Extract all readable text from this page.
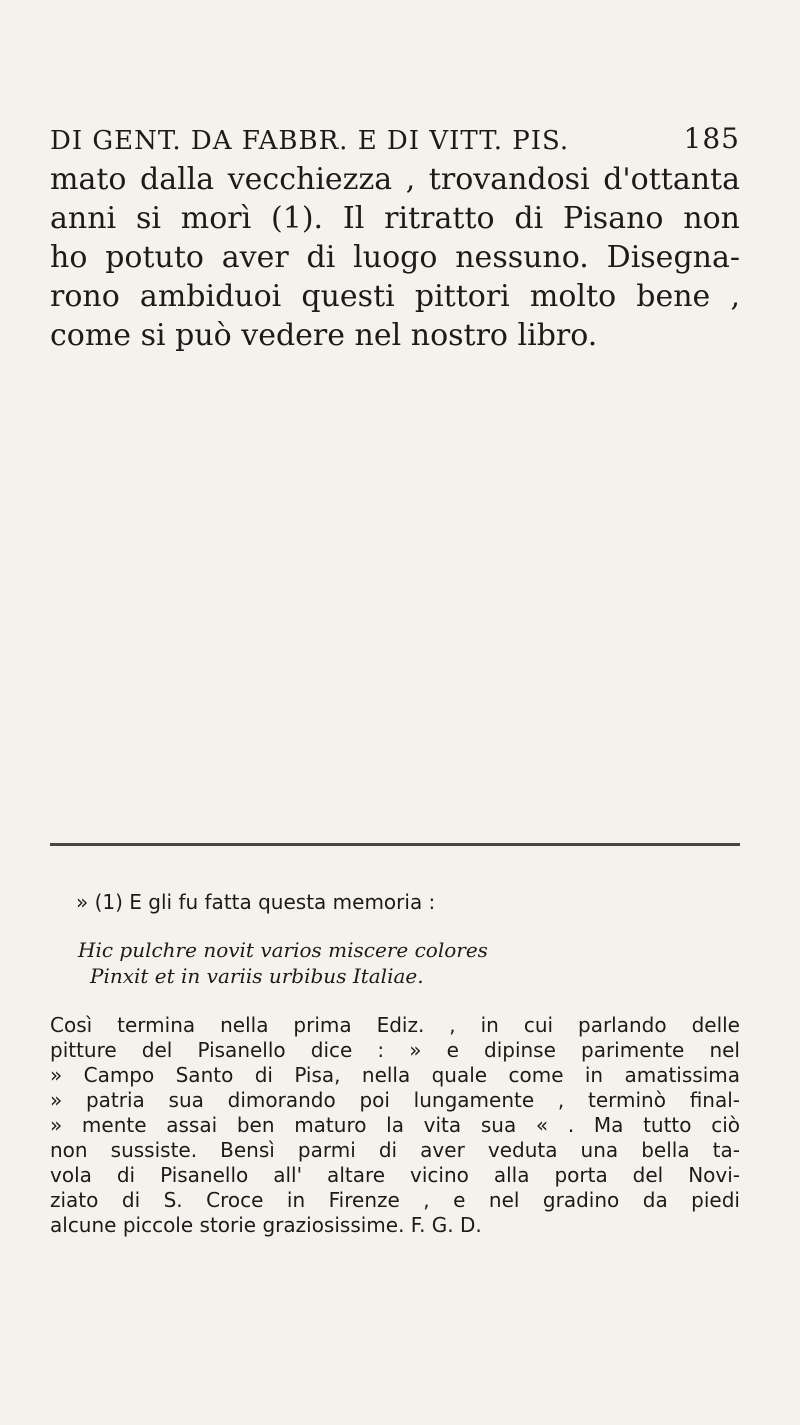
DI GENT. DA FABBR. E DI VITT. PIS.	185
mato dalla vecchiezza , trovandosi d'ottanta
anni si morì (1). Il ritratto di Pisano non
ho potuto aver di luogo nessuno. Disegna-
rono ambiduoi questi pittori molto bene ,
come si può vedere nel nostro libro.
» (1) E gli fu fatta questa memoria :
Hic pulchre novit varios miscere colores
Pinxit et in variis urbibus Italiae.
Così termina nella prima Ediz. , in cui parlando delle
pitture del Pisanello dice : » e dipinse parimente nel
» Campo Santo di Pisa, nella quale come in amatissima
» patria sua dimorando poi lungamente , terminò final-
» mente assai ben maturo la vita sua « . Ma tutto ciò
non sussiste. Bensì parmi di aver veduta una bella ta-
vola di Pisanello all' altare vicino alla porta del Novi-
ziato di S. Croce in Firenze , e nel gradino da piedi
alcune piccole storie graziosissime. F. G. D.
